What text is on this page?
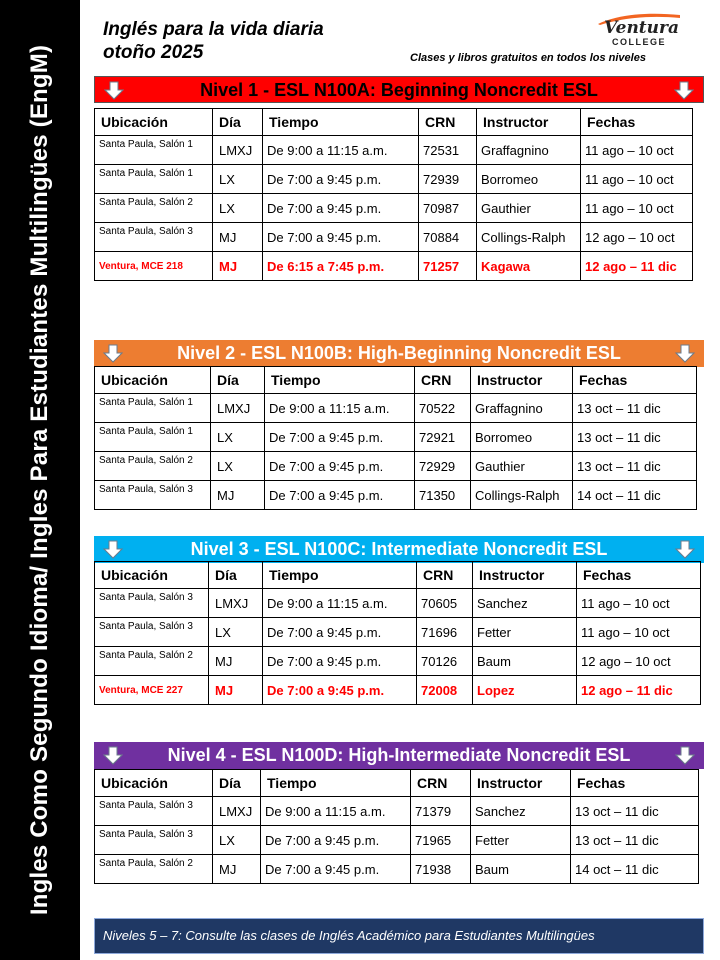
Ingles Como Segundo Idioma/ Ingles Para Estudiantes Multilingües (EngM)
Inglés para la vida diaria
otoño 2025
Ventura
COLLEGE
Clases y libros gratuitos en todos los niveles
Nivel 1 - ESL N100A: Beginning Noncredit ESL
Ubicación	Día	Tiempo	CRN	Instructor	Fechas
Santa Paula, Salón 1	LMXJ	De 9:00 a 11:15 a.m.	72531	Graffagnino	11 ago – 10 oct
Santa Paula, Salón 1	LX	De 7:00 a 9:45 p.m.	72939	Borromeo	11 ago – 10 oct
Santa Paula, Salón 2	LX	De 7:00 a 9:45 p.m.	70987	Gauthier	11 ago – 10 oct
Santa Paula, Salón 3	MJ	De 7:00 a 9:45 p.m.	70884	Collings-Ralph	12 ago – 10 oct
Ventura, MCE 218	MJ	De 6:15 a 7:45 p.m.	71257	Kagawa	12 ago – 11 dic
Nivel 2 - ESL N100B: High-Beginning Noncredit ESL
Ubicación	Día	Tiempo	CRN	Instructor	Fechas
Santa Paula, Salón 1	LMXJ	De 9:00 a 11:15 a.m.	70522	Graffagnino	13 oct – 11 dic
Santa Paula, Salón 1	LX	De 7:00 a 9:45 p.m.	72921	Borromeo	13 oct – 11 dic
Santa Paula, Salón 2	LX	De 7:00 a 9:45 p.m.	72929	Gauthier	13 oct – 11 dic
Santa Paula, Salón 3	MJ	De 7:00 a 9:45 p.m.	71350	Collings-Ralph	14 oct – 11 dic
Nivel 3 - ESL N100C: Intermediate Noncredit ESL
Ubicación	Día	Tiempo	CRN	Instructor	Fechas
Santa Paula, Salón 3	LMXJ	De 9:00 a 11:15 a.m.	70605	Sanchez	11 ago – 10 oct
Santa Paula, Salón 3	LX	De 7:00 a 9:45 p.m.	71696	Fetter	11 ago – 10 oct
Santa Paula, Salón 2	MJ	De 7:00 a 9:45 p.m.	70126	Baum	12 ago – 10 oct
Ventura, MCE 227	MJ	De 7:00 a 9:45 p.m.	72008	Lopez	12 ago – 11 dic
Nivel 4 - ESL N100D: High-Intermediate Noncredit ESL
Ubicación	Día	Tiempo	CRN	Instructor	Fechas
Santa Paula, Salón 3	LMXJ	De 9:00 a 11:15 a.m.	71379	Sanchez	13 oct – 11 dic
Santa Paula, Salón 3	LX	De 7:00 a 9:45 p.m.	71965	Fetter	13 oct – 11 dic
Santa Paula, Salón 2	MJ	De 7:00 a 9:45 p.m.	71938	Baum	14 oct – 11 dic
Niveles 5 – 7: Consulte las clases de Inglés Académico para Estudiantes Multilingües
